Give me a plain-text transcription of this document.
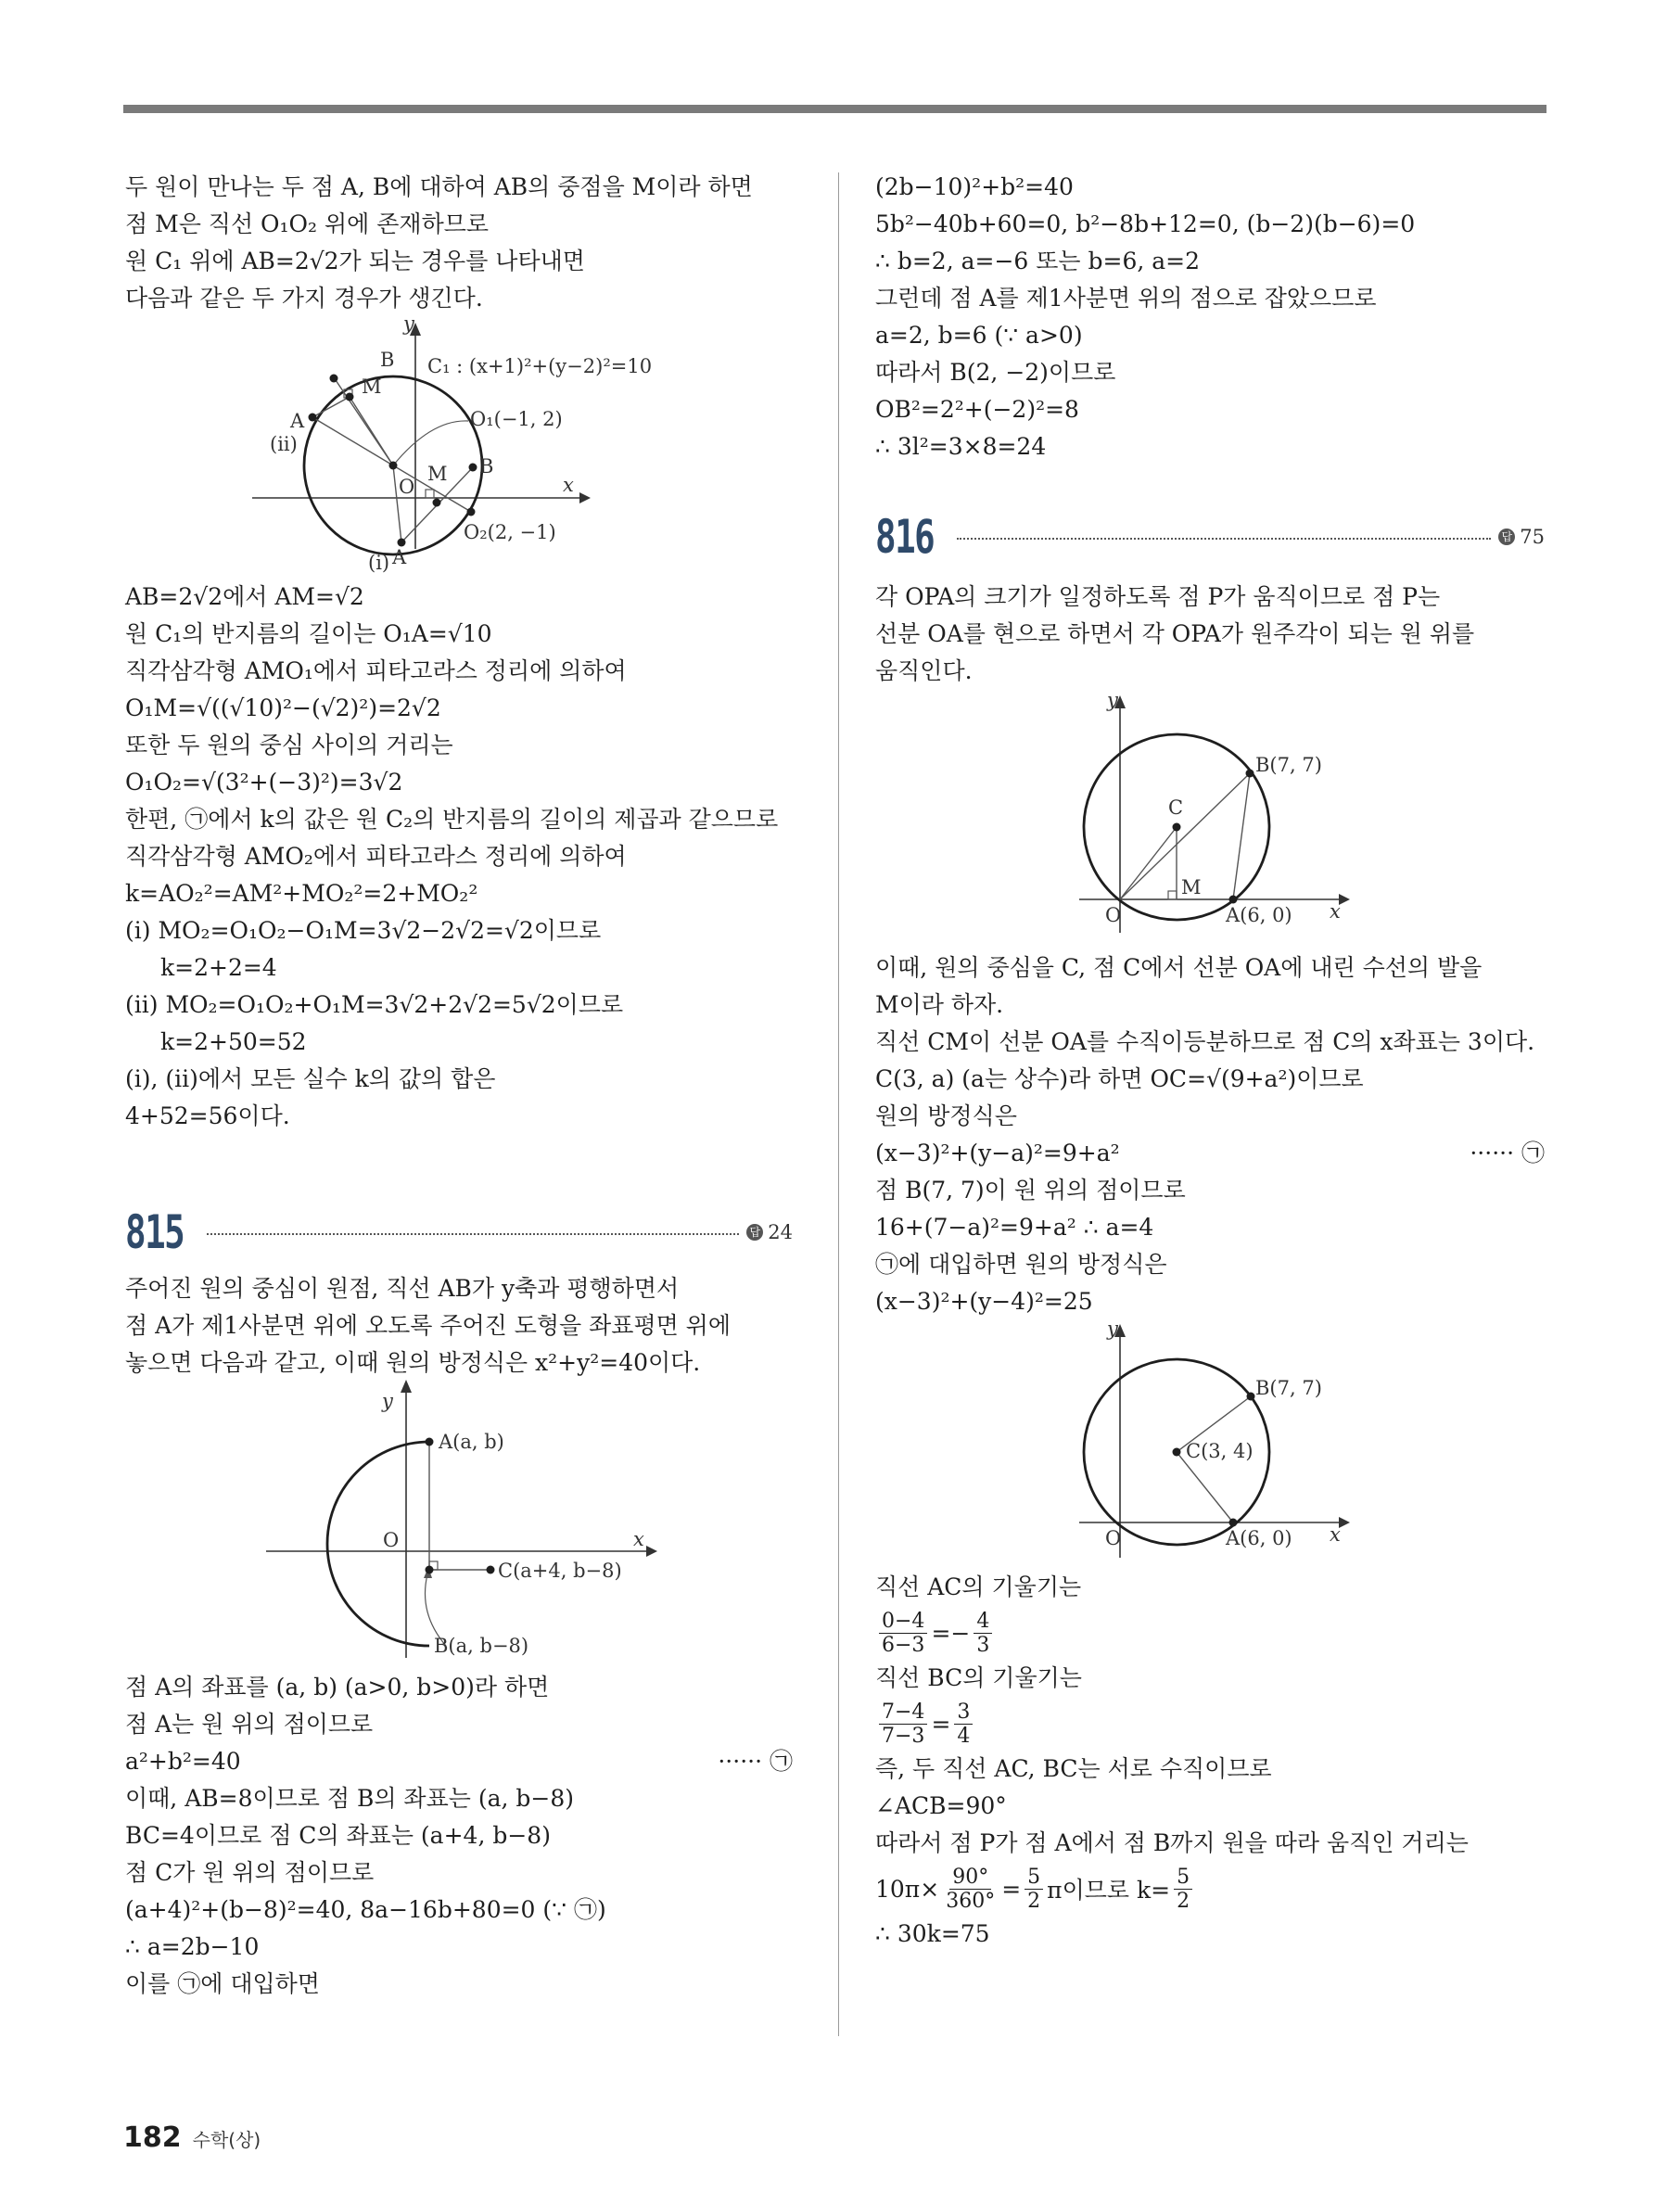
두 원이 만나는 두 점 A, B에 대하여 AB의 중점을 M이라 하면
점 M은 직선 O₁O₂ 위에 존재하므로
원 C₁ 위에 AB=2√2가 되는 경우를 나타내면
다음과 같은 두 가지 경우가 생긴다.
y
x
O
B
M
A
(ii)
M B
(i) A
C₁ : (x+1)²+(y−2)²=10
O₁(−1, 2)
O₂(2, −1)
AB=2√2에서 AM=√2
원 C₁의 반지름의 길이는 O₁A=√10
직각삼각형 AMO₁에서 피타고라스 정리에 의하여
O₁M=√((√10)²−(√2)²)=2√2
또한 두 원의 중심 사이의 거리는
O₁O₂=√(3²+(−3)²)=3√2
한편, ㉠에서 k의 값은 원 C₂의 반지름의 길이의 제곱과 같으므로
직각삼각형 AMO₂에서 피타고라스 정리에 의하여
k=AO₂²=AM²+MO₂²=2+MO₂²
(i) MO₂=O₁O₂−O₁M=3√2−2√2=√2이므로
k=2+2=4
(ii) MO₂=O₁O₂+O₁M=3√2+2√2=5√2이므로
k=2+50=52
(i), (ii)에서 모든 실수 k의 값의 합은
4+52=56이다.
815	답 24
주어진 원의 중심이 원점, 직선 AB가 y축과 평행하면서
점 A가 제1사분면 위에 오도록 주어진 도형을 좌표평면 위에
놓으면 다음과 같고, 이때 원의 방정식은 x²+y²=40이다.
y
x
O
A(a, b)
C(a+4, b−8)
B(a, b−8)
점 A의 좌표를 (a, b) (a>0, b>0)라 하면
점 A는 원 위의 점이므로
a²+b²=40	······ ㉠
이때, AB=8이므로 점 B의 좌표는 (a, b−8)
BC=4이므로 점 C의 좌표는 (a+4, b−8)
점 C가 원 위의 점이므로
(a+4)²+(b−8)²=40, 8a−16b+80=0 (∵ ㉠)
∴ a=2b−10
이를 ㉠에 대입하면
(2b−10)²+b²=40
5b²−40b+60=0, b²−8b+12=0, (b−2)(b−6)=0
∴ b=2, a=−6 또는 b=6, a=2
그런데 점 A를 제1사분면 위의 점으로 잡았으므로
a=2, b=6 (∵ a>0)
따라서 B(2, −2)이므로
OB²=2²+(−2)²=8
∴ 3l²=3×8=24
816	답 75
각 OPA의 크기가 일정하도록 점 P가 움직이므로 점 P는
선분 OA를 현으로 하면서 각 OPA가 원주각이 되는 원 위를
움직인다.
y
x
O
B(7, 7)
C
M
A(6, 0)
이때, 원의 중심을 C, 점 C에서 선분 OA에 내린 수선의 발을
M이라 하자.
직선 CM이 선분 OA를 수직이등분하므로 점 C의 x좌표는 3이다.
C(3, a) (a는 상수)라 하면 OC=√(9+a²)이므로
원의 방정식은
(x−3)²+(y−a)²=9+a²	······ ㉠
점 B(7, 7)이 원 위의 점이므로
16+(7−a)²=9+a² ∴ a=4
㉠에 대입하면 원의 방정식은
(x−3)²+(y−4)²=25
y
x
O
B(7, 7)
C(3, 4)
A(6, 0)
직선 AC의 기울기는
$\frac{0-4}{6-3} =- \frac{4}{3}$
직선 BC의 기울기는
$\frac{7-4}{7-3} = \frac{3}{4}$
즉, 두 직선 AC, BC는 서로 수직이므로
∠ACB=90°
따라서 점 P가 점 A에서 점 B까지 원을 따라 움직인 거리는
$10\pi\times \frac{90^\circ}{360^\circ} = \frac{5}{2}$ π이므로 $k= \frac{5}{2}$
∴ 30k=75
182 수학(상)
